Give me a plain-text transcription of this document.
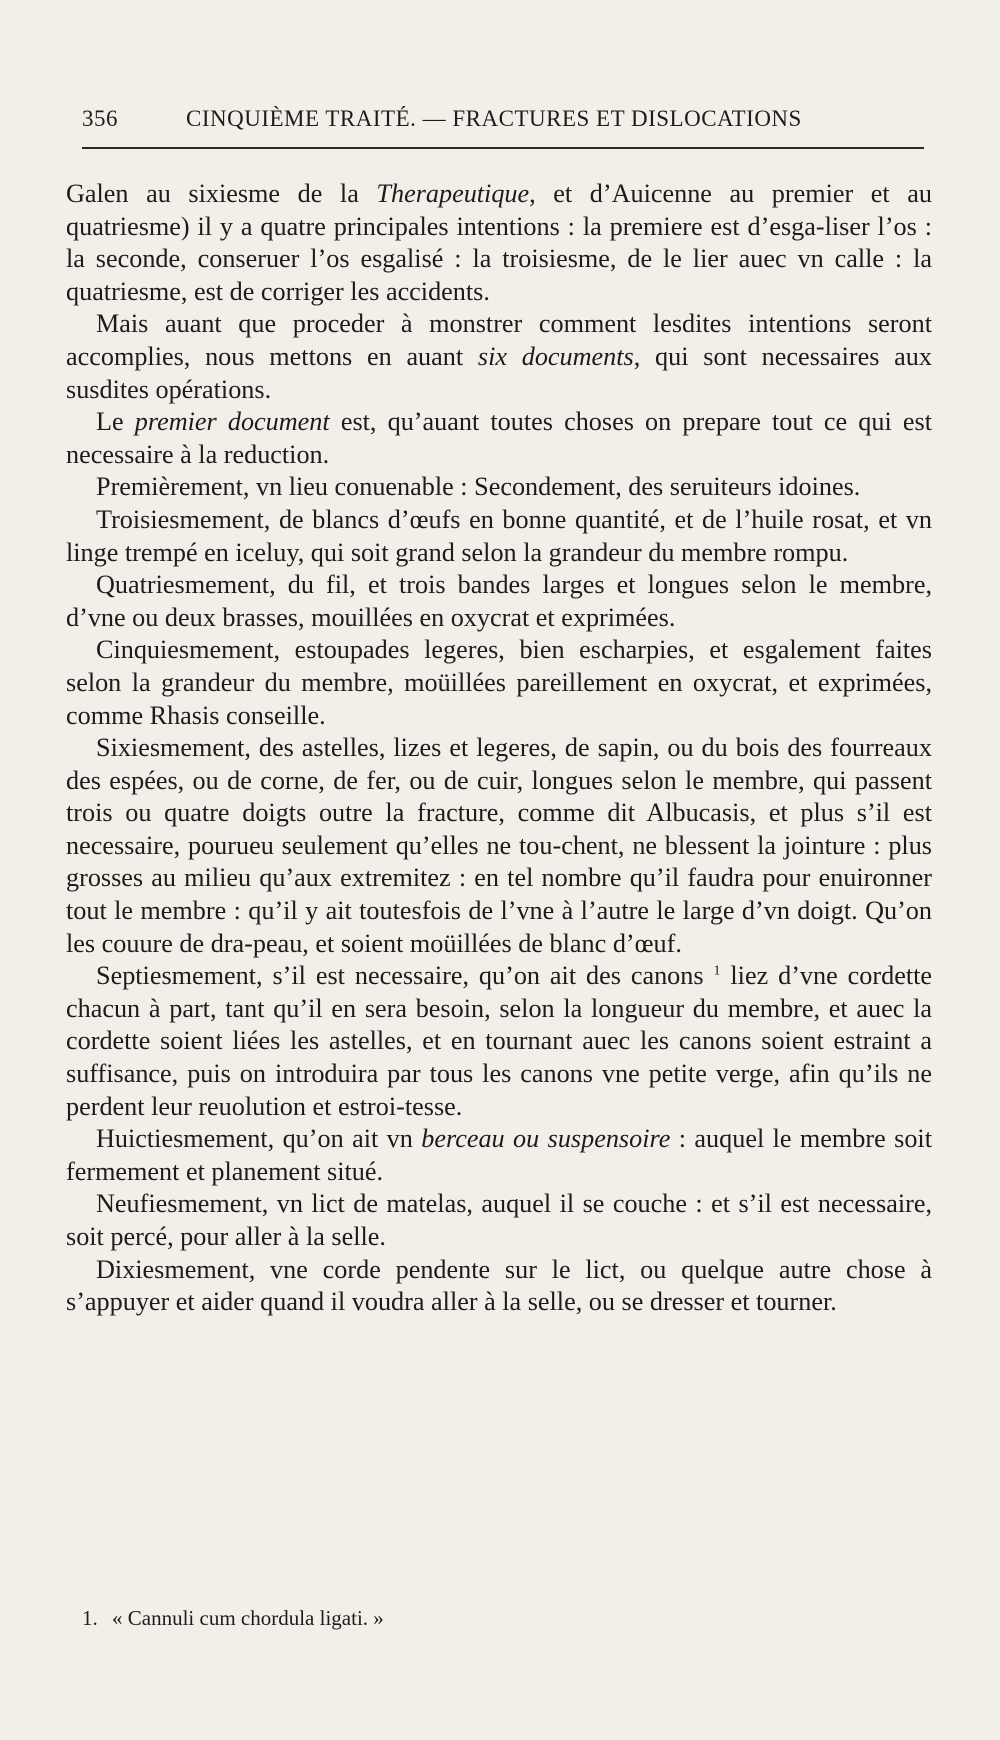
356	CINQUIÈME TRAITÉ. — FRACTURES ET DISLOCATIONS

Galen au sixiesme de la Therapeutique, et d’Auicenne au premier et au quatriesme) il y a quatre principales intentions : la premiere est d’esga-liser l’os : la seconde, conseruer l’os esgalisé : la troisiesme, de le lier auec vn calle : la quatriesme, est de corriger les accidents.

Mais auant que proceder à monstrer comment lesdites intentions seront accomplies, nous mettons en auant six documents, qui sont necessaires aux susdites opérations.

Le premier document est, qu’auant toutes choses on prepare tout ce qui est necessaire à la reduction.

Premièrement, vn lieu conuenable : Secondement, des seruiteurs idoines.

Troisiesmement, de blancs d’œufs en bonne quantité, et de l’huile rosat, et vn linge trempé en iceluy, qui soit grand selon la grandeur du membre rompu.

Quatriesmement, du fil, et trois bandes larges et longues selon le membre, d’vne ou deux brasses, mouillées en oxycrat et exprimées.

Cinquiesmement, estoupades legeres, bien escharpies, et esgalement faites selon la grandeur du membre, moüillées pareillement en oxycrat, et exprimées, comme Rhasis conseille.

Sixiesmement, des astelles, lizes et legeres, de sapin, ou du bois des fourreaux des espées, ou de corne, de fer, ou de cuir, longues selon le membre, qui passent trois ou quatre doigts outre la fracture, comme dit Albucasis, et plus s’il est necessaire, pourueu seulement qu’elles ne tou-chent, ne blessent la jointure : plus grosses au milieu qu’aux extremitez : en tel nombre qu’il faudra pour enuironner tout le membre : qu’il y ait toutesfois de l’vne à l’autre le large d’vn doigt. Qu’on les couure de dra-peau, et soient moüillées de blanc d’œuf.

Septiesmement, s’il est necessaire, qu’on ait des canons $^1$ liez d’vne cordette chacun à part, tant qu’il en sera besoin, selon la longueur du membre, et auec la cordette soient liées les astelles, et en tournant auec les canons soient estraint a suffisance, puis on introduira par tous les canons vne petite verge, afin qu’ils ne perdent leur reuolution et estroi-tesse.

Huictiesmement, qu’on ait vn berceau ou suspensoire : auquel le membre soit fermement et planement situé.

Neufiesmement, vn lict de matelas, auquel il se couche : et s’il est necessaire, soit percé, pour aller à la selle.

Dixiesmement, vne corde pendente sur le lict, ou quelque autre chose à s’appuyer et aider quand il voudra aller à la selle, ou se dresser et tourner.

1. « Cannuli cum chordula ligati. »
